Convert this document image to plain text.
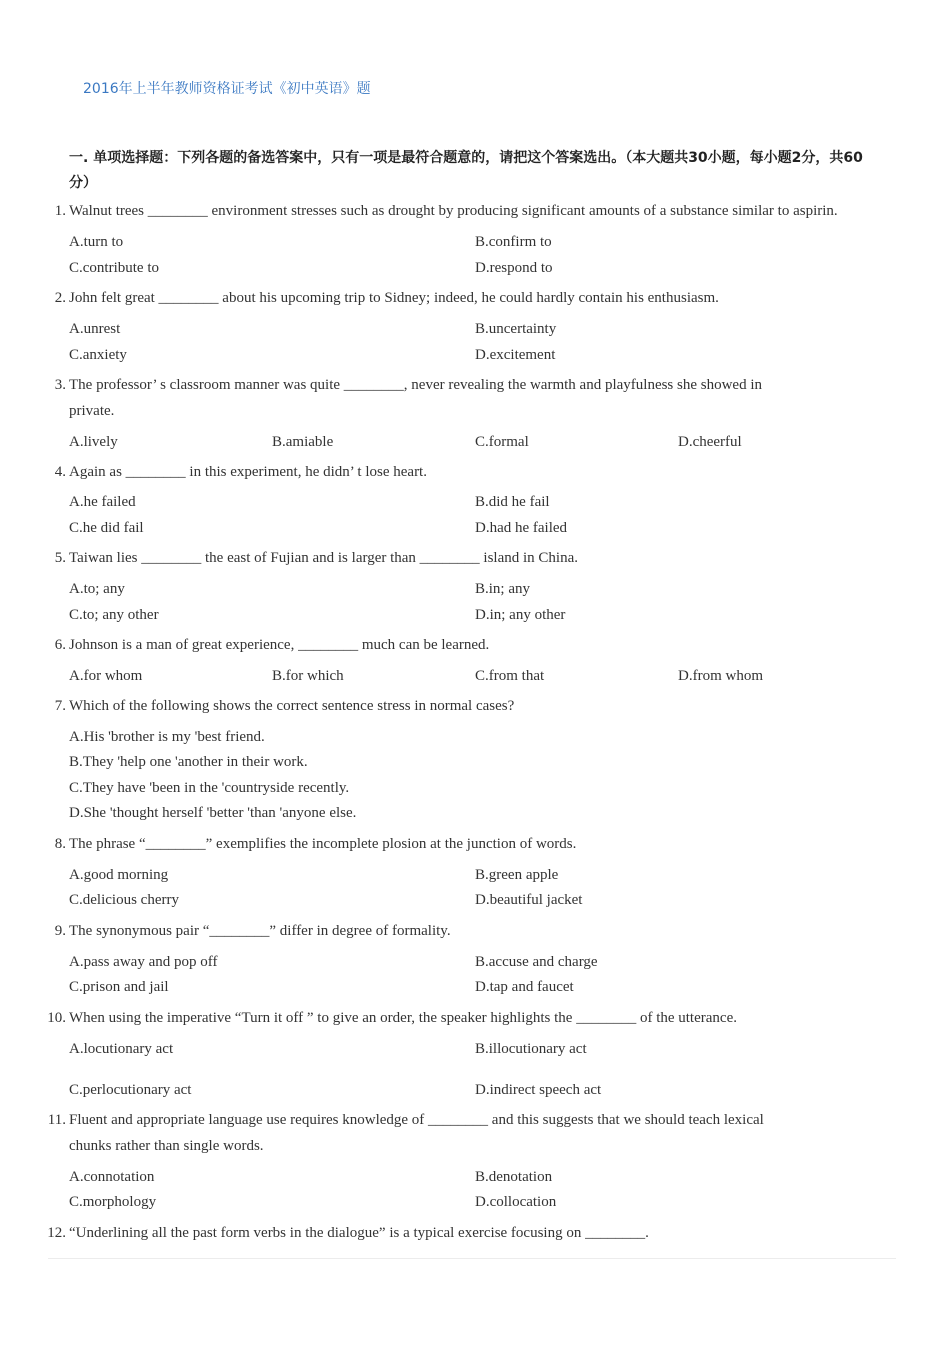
2016年上半年教师资格证考试《初中英语》题
一. 单项选择题：下列各题的备选答案中，只有一项是最符合题意的，请把这个答案选出。（本大题共30小题，每小题2分，共60分）
1. Walnut trees ________ environment stresses such as drought by producing significant amounts of a substance similar to aspirin.
A.turn to	B.confirm to
C.contribute to	D.respond to
2. John felt great ________ about his upcoming trip to Sidney; indeed, he could hardly contain his enthusiasm.
A.unrest	B.uncertainty
C.anxiety	D.excitement
3. The professor’ s classroom manner was quite ________, never revealing the warmth and playfulness she showed in
private.
A.lively	B.amiable	C.formal	D.cheerful
4. Again as ________ in this experiment, he didn’ t lose heart.
A.he failed	B.did he fail
C.he did fail	D.had he failed
5. Taiwan lies ________ the east of Fujian and is larger than ________ island in China.
A.to; any	B.in; any
C.to; any other	D.in; any other
6. Johnson is a man of great experience, ________ much can be learned.
A.for whom	B.for which	C.from that	D.from whom
7. Which of the following shows the correct sentence stress in normal cases?
A.His 'brother is my 'best friend.
B.They 'help one 'another in their work.
C.They have 'been in the 'countryside recently.
D.She 'thought herself 'better 'than 'anyone else.
8. The phrase “________” exemplifies the incomplete plosion at the junction of words.
A.good morning	B.green apple
C.delicious cherry	D.beautiful jacket
9. The synonymous pair “________” differ in degree of formality.
A.pass away and pop off	B.accuse and charge
C.prison and jail	D.tap and faucet
10. When using the imperative “Turn it off ” to give an order, the speaker highlights the ________ of the utterance.
A.locutionary act	B.illocutionary act
C.perlocutionary act	D.indirect speech act
11. Fluent and appropriate language use requires knowledge of ________ and this suggests that we should teach lexical
chunks rather than single words.
A.connotation	B.denotation
C.morphology	D.collocation
12. “Underlining all the past form verbs in the dialogue” is a typical exercise focusing on ________.
